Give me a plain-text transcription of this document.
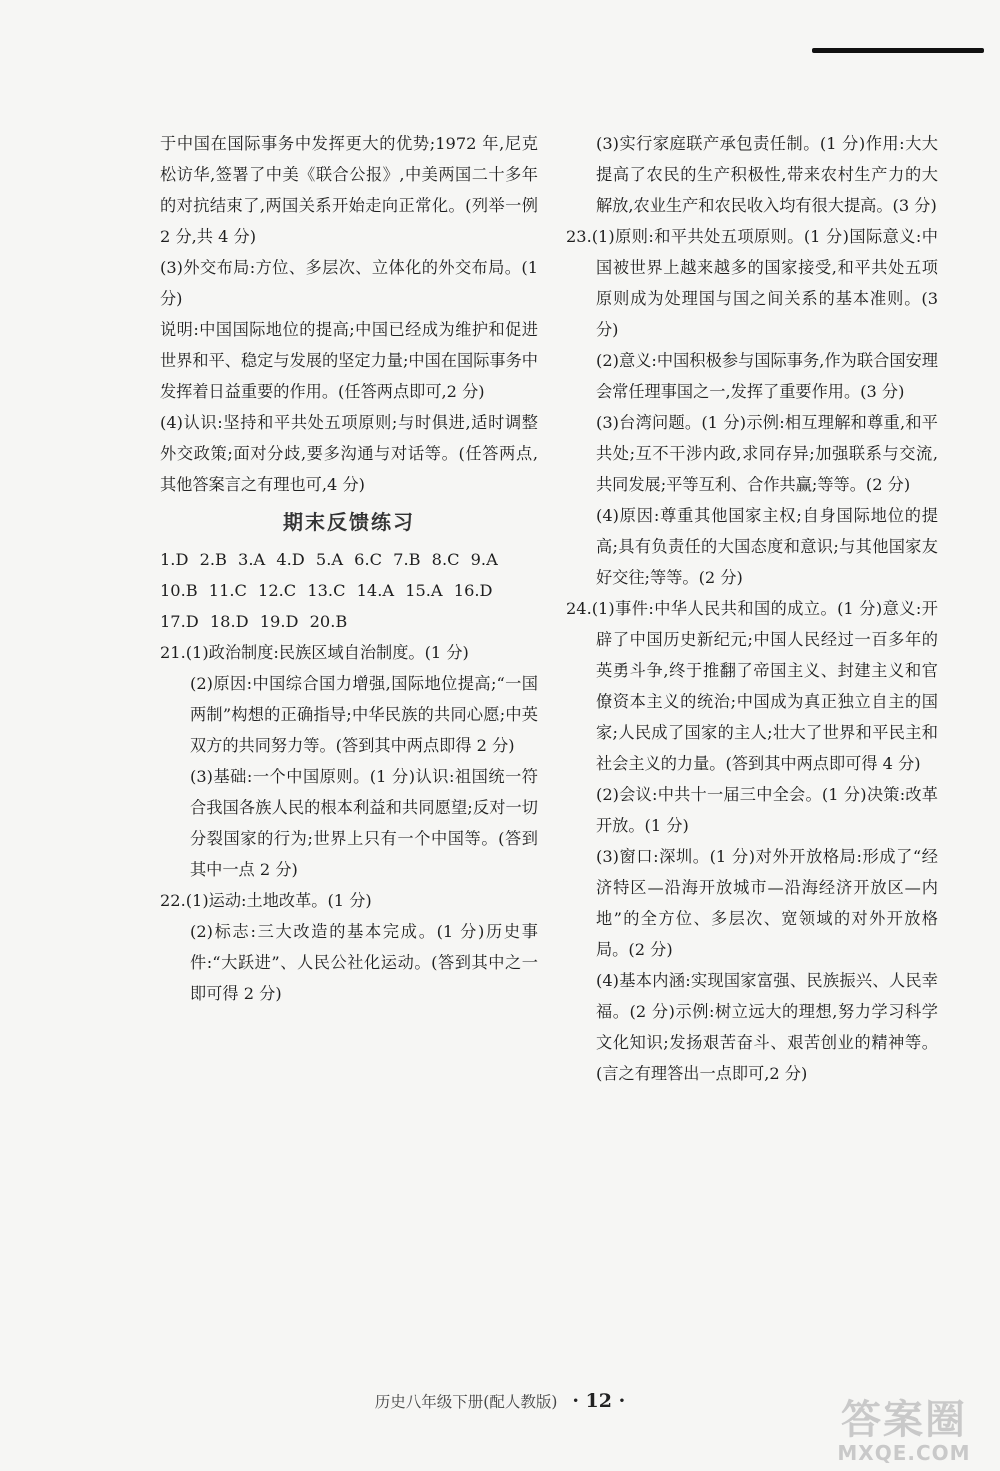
于中国在国际事务中发挥更大的优势;1972 年,尼克松访华,签署了中美《联合公报》,中美两国二十多年的对抗结束了,两国关系开始走向正常化。(列举一例 2 分,共 4 分)

(3)外交布局:方位、多层次、立体化的外交布局。(1 分)

说明:中国国际地位的提高;中国已经成为维护和促进世界和平、稳定与发展的坚定力量;中国在国际事务中发挥着日益重要的作用。(任答两点即可,2 分)

(4)认识:坚持和平共处五项原则;与时俱进,适时调整外交政策;面对分歧,要多沟通与对话等。(任答两点,其他答案言之有理也可,4 分)

期末反馈练习

1.D 2.B 3.A 4.D 5.A 6.C 7.B 8.C 9.A

10.B 11.C 12.C 13.C 14.A 15.A 16.D

17.D 18.D 19.D 20.B

21.(1)政治制度:民族区域自治制度。(1 分)

(2)原因:中国综合国力增强,国际地位提高;“一国两制”构想的正确指导;中华民族的共同心愿;中英双方的共同努力等。(答到其中两点即得 2 分)

(3)基础:一个中国原则。(1 分)认识:祖国统一符合我国各族人民的根本利益和共同愿望;反对一切分裂国家的行为;世界上只有一个中国等。(答到其中一点 2 分)

22.(1)运动:土地改革。(1 分)

(2)标志:三大改造的基本完成。(1 分)历史事件:“大跃进”、人民公社化运动。(答到其中之一即可得 2 分)

(3)实行家庭联产承包责任制。(1 分)作用:大大提高了农民的生产积极性,带来农村生产力的大解放,农业生产和农民收入均有很大提高。(3 分)

23.(1)原则:和平共处五项原则。(1 分)国际意义:中国被世界上越来越多的国家接受,和平共处五项原则成为处理国与国之间关系的基本准则。(3 分)

(2)意义:中国积极参与国际事务,作为联合国安理会常任理事国之一,发挥了重要作用。(3 分)

(3)台湾问题。(1 分)示例:相互理解和尊重,和平共处;互不干涉内政,求同存异;加强联系与交流,共同发展;平等互利、合作共赢;等等。(2 分)

(4)原因:尊重其他国家主权;自身国际地位的提高;具有负责任的大国态度和意识;与其他国家友好交往;等等。(2 分)

24.(1)事件:中华人民共和国的成立。(1 分)意义:开辟了中国历史新纪元;中国人民经过一百多年的英勇斗争,终于推翻了帝国主义、封建主义和官僚资本主义的统治;中国成为真正独立自主的国家;人民成了国家的主人;壮大了世界和平民主和社会主义的力量。(答到其中两点即可得 4 分)

(2)会议:中共十一届三中全会。(1 分)决策:改革开放。(1 分)

(3)窗口:深圳。(1 分)对外开放格局:形成了“经济特区—沿海开放城市—沿海经济开放区—内地”的全方位、多层次、宽领域的对外开放格局。(2 分)

(4)基本内涵:实现国家富强、民族振兴、人民幸福。(2 分)示例:树立远大的理想,努力学习科学文化知识;发扬艰苦奋斗、艰苦创业的精神等。(言之有理答出一点即可,2 分)

历史八年级下册(配人教版) · 12 ·	答案圈
MXQE.COM
